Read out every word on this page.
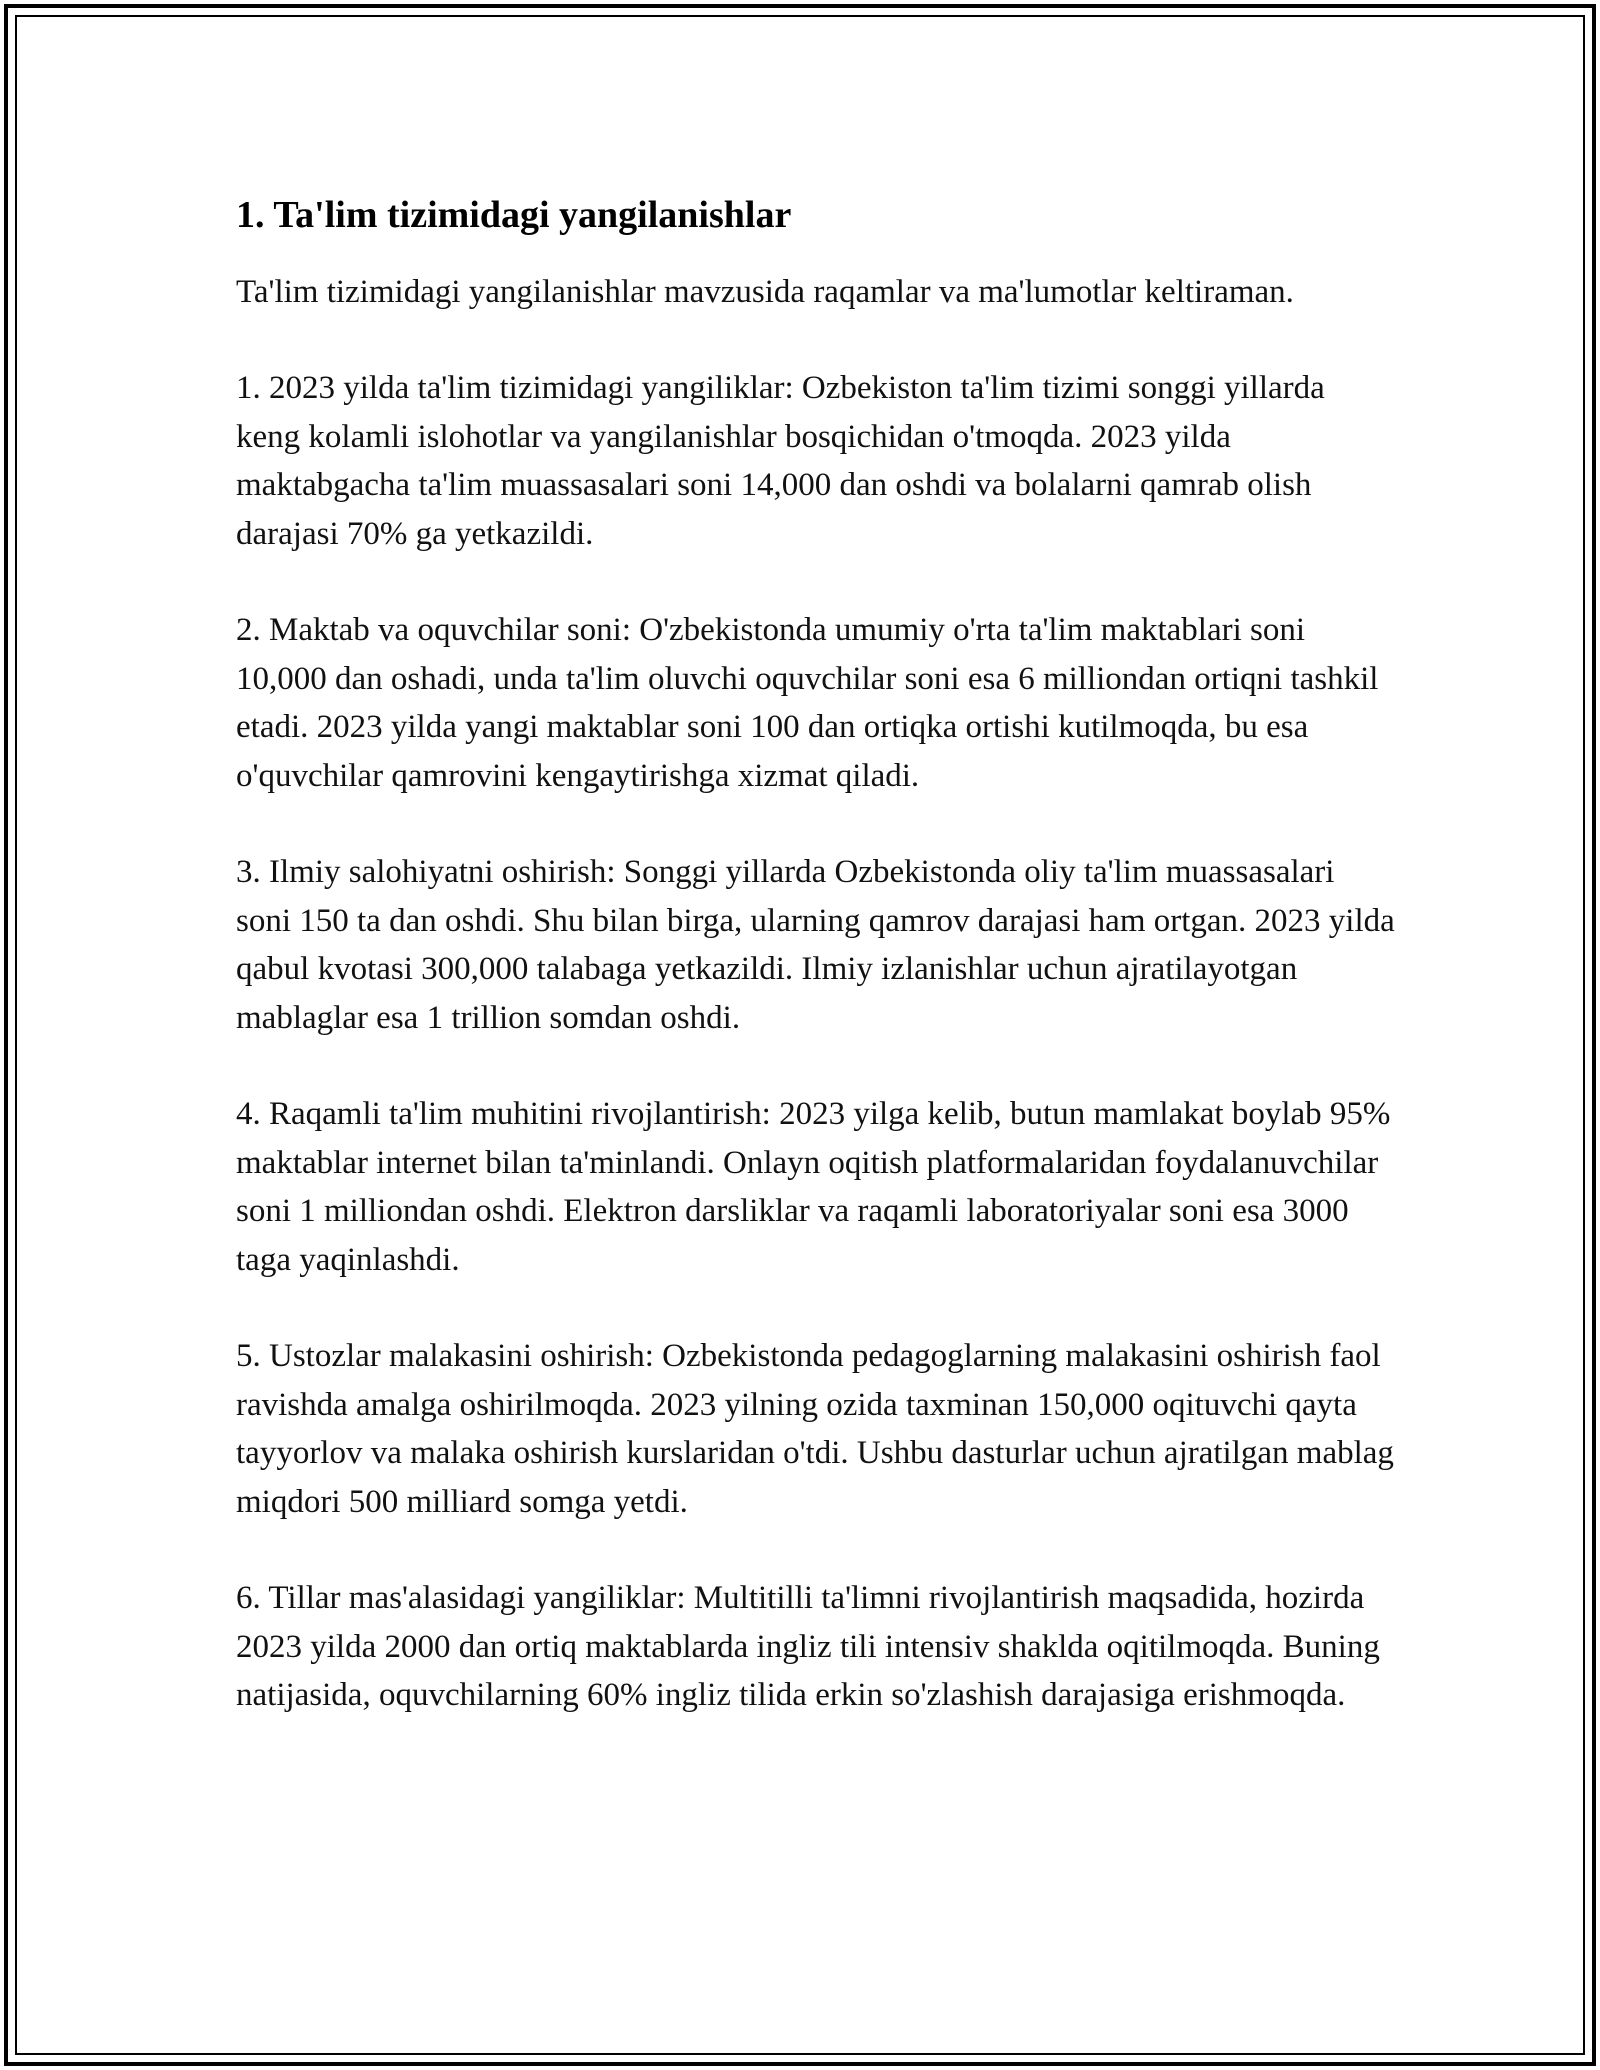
1. Ta'lim tizimidagi yangilanishlar

Ta'lim tizimidagi yangilanishlar mavzusida raqamlar va ma'lumotlar keltiraman.

1. 2023 yilda ta'lim tizimidagi yangiliklar: Ozbekiston ta'lim tizimi songgi yillarda keng kolamli islohotlar va yangilanishlar bosqichidan o'tmoqda. 2023 yilda maktabgacha ta'lim muassasalari soni 14,000 dan oshdi va bolalarni qamrab olish darajasi 70% ga yetkazildi.

2. Maktab va oquvchilar soni: O'zbekistonda umumiy o'rta ta'lim maktablari soni 10,000 dan oshadi, unda ta'lim oluvchi oquvchilar soni esa 6 milliondan ortiqni tashkil etadi. 2023 yilda yangi maktablar soni 100 dan ortiqka ortishi kutilmoqda, bu esa o'quvchilar qamrovini kengaytirishga xizmat qiladi.

3. Ilmiy salohiyatni oshirish: Songgi yillarda Ozbekistonda oliy ta'lim muassasalari soni 150 ta dan oshdi. Shu bilan birga, ularning qamrov darajasi ham ortgan. 2023 yilda qabul kvotasi 300,000 talabaga yetkazildi. Ilmiy izlanishlar uchun ajratilayotgan mablaglar esa 1 trillion somdan oshdi.

4. Raqamli ta'lim muhitini rivojlantirish: 2023 yilga kelib, butun mamlakat boylab 95% maktablar internet bilan ta'minlandi. Onlayn oqitish platformalaridan foydalanuvchilar soni 1 milliondan oshdi. Elektron darsliklar va raqamli laboratoriyalar soni esa 3000 taga yaqinlashdi.

5. Ustozlar malakasini oshirish: Ozbekistonda pedagoglarning malakasini oshirish faol ravishda amalga oshirilmoqda. 2023 yilning ozida taxminan 150,000 oqituvchi qayta tayyorlov va malaka oshirish kurslaridan o'tdi. Ushbu dasturlar uchun ajratilgan mablag miqdori 500 milliard somga yetdi.

6. Tillar mas'alasidagi yangiliklar: Multitilli ta'limni rivojlantirish maqsadida, hozirda 2023 yilda 2000 dan ortiq maktablarda ingliz tili intensiv shaklda oqitilmoqda. Buning natijasida, oquvchilarning 60% ingliz tilida erkin so'zlashish darajasiga erishmoqda.
